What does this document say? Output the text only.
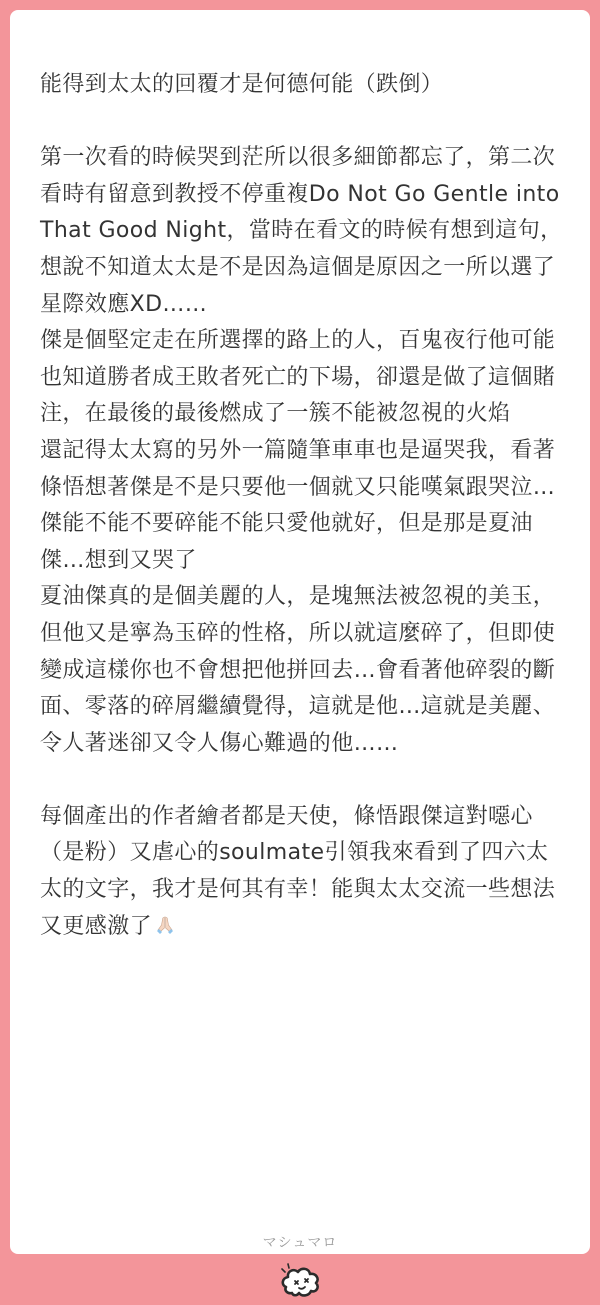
能得到太太的回覆才是何德何能（跌倒）

第一次看的時候哭到茫所以很多細節都忘了，第二次看時有留意到教授不停重複Do Not Go Gentle into That Good Night，當時在看文的時候有想到這句，想說不知道太太是不是因為這個是原因之一所以選了星際效應XD……
傑是個堅定走在所選擇的路上的人，百鬼夜行他可能也知道勝者成王敗者死亡的下場，卻還是做了這個賭注，在最後的最後燃成了一簇不能被忽視的火焰
還記得太太寫的另外一篇隨筆車車也是逼哭我，看著條悟想著傑是不是只要他一個就又只能嘆氣跟哭泣…傑能不能不要碎能不能只愛他就好，但是那是夏油傑…想到又哭了
夏油傑真的是個美麗的人，是塊無法被忽視的美玉，但他又是寧為玉碎的性格，所以就這麼碎了，但即使變成這樣你也不會想把他拼回去…會看著他碎裂的斷面、零落的碎屑繼續覺得，這就是他…這就是美麗、令人著迷卻又令人傷心難過的他……

每個產出的作者繪者都是天使，條悟跟傑這對噁心（是粉）又虐心的soulmate引領我來看到了四六太太的文字，我才是何其有幸！能與太太交流一些想法又更感激了

マシュマロ
